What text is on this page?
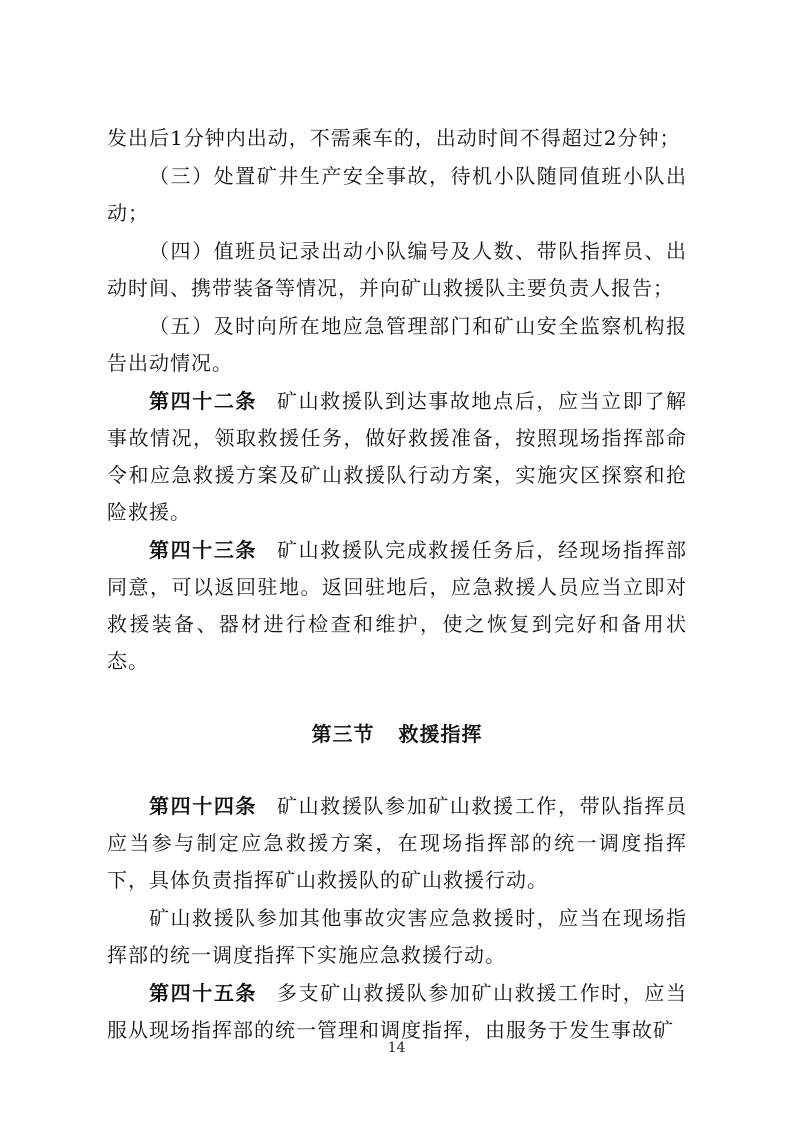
发出后1分钟内出动，不需乘车的，出动时间不得超过2分钟；

（三）处置矿井生产安全事故，待机小队随同值班小队出动；

（四）值班员记录出动小队编号及人数、带队指挥员、出动时间、携带装备等情况，并向矿山救援队主要负责人报告；

（五）及时向所在地应急管理部门和矿山安全监察机构报告出动情况。

第四十二条 矿山救援队到达事故地点后，应当立即了解事故情况，领取救援任务，做好救援准备，按照现场指挥部命令和应急救援方案及矿山救援队行动方案，实施灾区探察和抢险救援。

第四十三条 矿山救援队完成救援任务后，经现场指挥部同意，可以返回驻地。返回驻地后，应急救援人员应当立即对救援装备、器材进行检查和维护，使之恢复到完好和备用状态。

第三节 救援指挥

第四十四条 矿山救援队参加矿山救援工作，带队指挥员应当参与制定应急救援方案，在现场指挥部的统一调度指挥下，具体负责指挥矿山救援队的矿山救援行动。

矿山救援队参加其他事故灾害应急救援时，应当在现场指挥部的统一调度指挥下实施应急救援行动。

第四十五条 多支矿山救援队参加矿山救援工作时，应当服从现场指挥部的统一管理和调度指挥，由服务于发生事故矿

14
